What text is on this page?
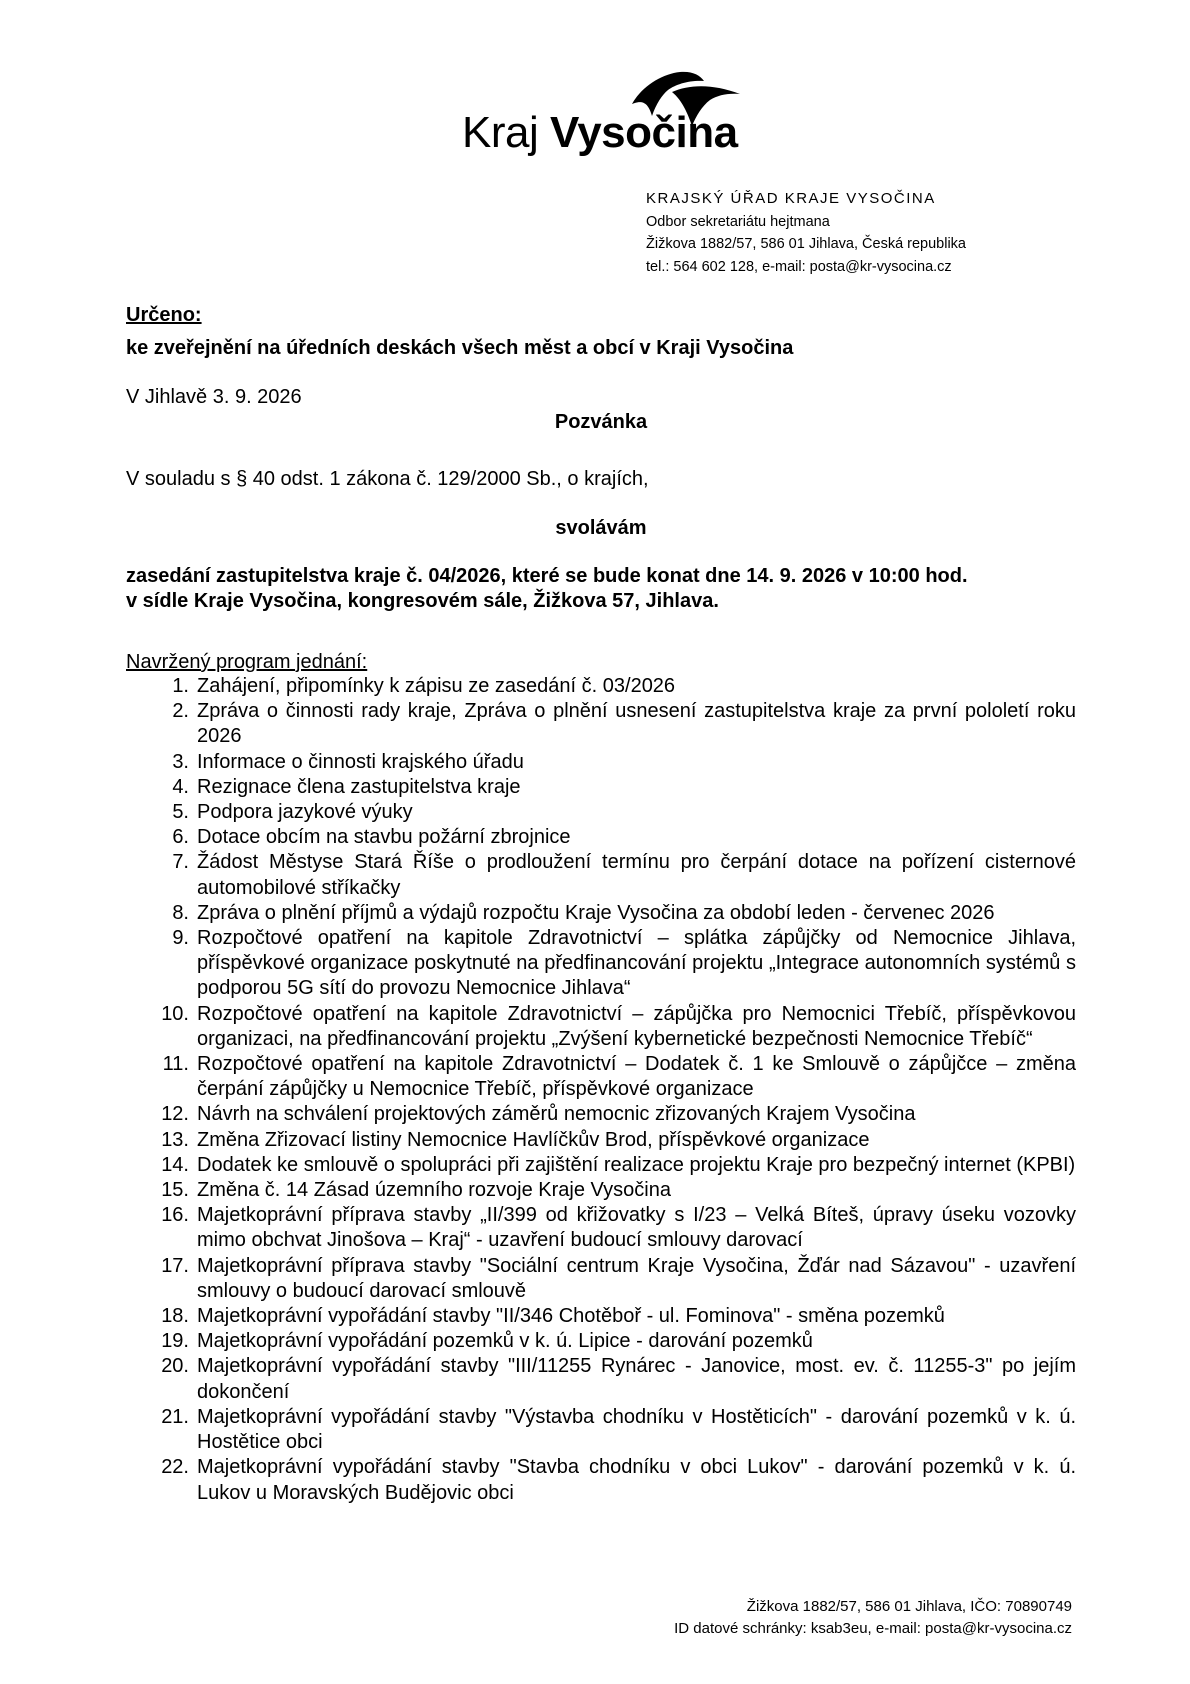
Kraj Vysočina
KRAJSKÝ ÚŘAD KRAJE VYSOČINA
Odbor sekretariátu hejtmana
Žižkova 1882/57, 586 01 Jihlava, Česká republika
tel.: 564 602 128, e-mail: posta@kr-vysocina.cz
Určeno:
ke zveřejnění na úředních deskách všech měst a obcí v Kraji Vysočina
V Jihlavě 3. 9. 2026
Pozvánka
V souladu s § 40 odst. 1 zákona č. 129/2000 Sb., o krajích,
svolávám
zasedání zastupitelstva kraje č. 04/2026, které se bude konat dne 14. 9. 2026 v 10:00 hod.
v sídle Kraje Vysočina, kongresovém sále, Žižkova 57, Jihlava.
Navržený program jednání:
1. Zahájení, připomínky k zápisu ze zasedání č. 03/2026
2. Zpráva o činnosti rady kraje, Zpráva o plnění usnesení zastupitelstva kraje za první pololetí roku 2026
3. Informace o činnosti krajského úřadu
4. Rezignace člena zastupitelstva kraje
5. Podpora jazykové výuky
6. Dotace obcím na stavbu požární zbrojnice
7. Žádost Městyse Stará Říše o prodloužení termínu pro čerpání dotace na pořízení cisternové automobilové stříkačky
8. Zpráva o plnění příjmů a výdajů rozpočtu Kraje Vysočina za období leden - červenec 2026
9. Rozpočtové opatření na kapitole Zdravotnictví – splátka zápůjčky od Nemocnice Jihlava, příspěvkové organizace poskytnuté na předfinancování projektu „Integrace autonomních systémů s podporou 5G sítí do provozu Nemocnice Jihlava“
10. Rozpočtové opatření na kapitole Zdravotnictví – zápůjčka pro Nemocnici Třebíč, příspěvkovou organizaci, na předfinancování projektu „Zvýšení kybernetické bezpečnosti Nemocnice Třebíč“
11. Rozpočtové opatření na kapitole Zdravotnictví – Dodatek č. 1 ke Smlouvě o zápůjčce – změna čerpání zápůjčky u Nemocnice Třebíč, příspěvkové organizace
12. Návrh na schválení projektových záměrů nemocnic zřizovaných Krajem Vysočina
13. Změna Zřizovací listiny Nemocnice Havlíčkův Brod, příspěvkové organizace
14. Dodatek ke smlouvě o spolupráci při zajištění realizace projektu Kraje pro bezpečný internet (KPBI)
15. Změna č. 14 Zásad územního rozvoje Kraje Vysočina
16. Majetkoprávní příprava stavby „II/399 od křižovatky s I/23 – Velká Bíteš, úpravy úseku vozovky mimo obchvat Jinošova – Kraj“ - uzavření budoucí smlouvy darovací
17. Majetkoprávní příprava stavby "Sociální centrum Kraje Vysočina, Žďár nad Sázavou" - uzavření smlouvy o budoucí darovací smlouvě
18. Majetkoprávní vypořádání stavby "II/346 Chotěboř - ul. Fominova" - směna pozemků
19. Majetkoprávní vypořádání pozemků v k. ú. Lipice - darování pozemků
20. Majetkoprávní vypořádání stavby "III/11255 Rynárec - Janovice, most. ev. č. 11255-3" po jejím dokončení
21. Majetkoprávní vypořádání stavby "Výstavba chodníku v Hostěticích" - darování pozemků v k. ú. Hostětice obci
22. Majetkoprávní vypořádání stavby "Stavba chodníku v obci Lukov" - darování pozemků v k. ú. Lukov u Moravských Budějovic obci
Žižkova 1882/57, 586 01 Jihlava, IČO: 70890749
ID datové schránky: ksab3eu, e-mail: posta@kr-vysocina.cz
